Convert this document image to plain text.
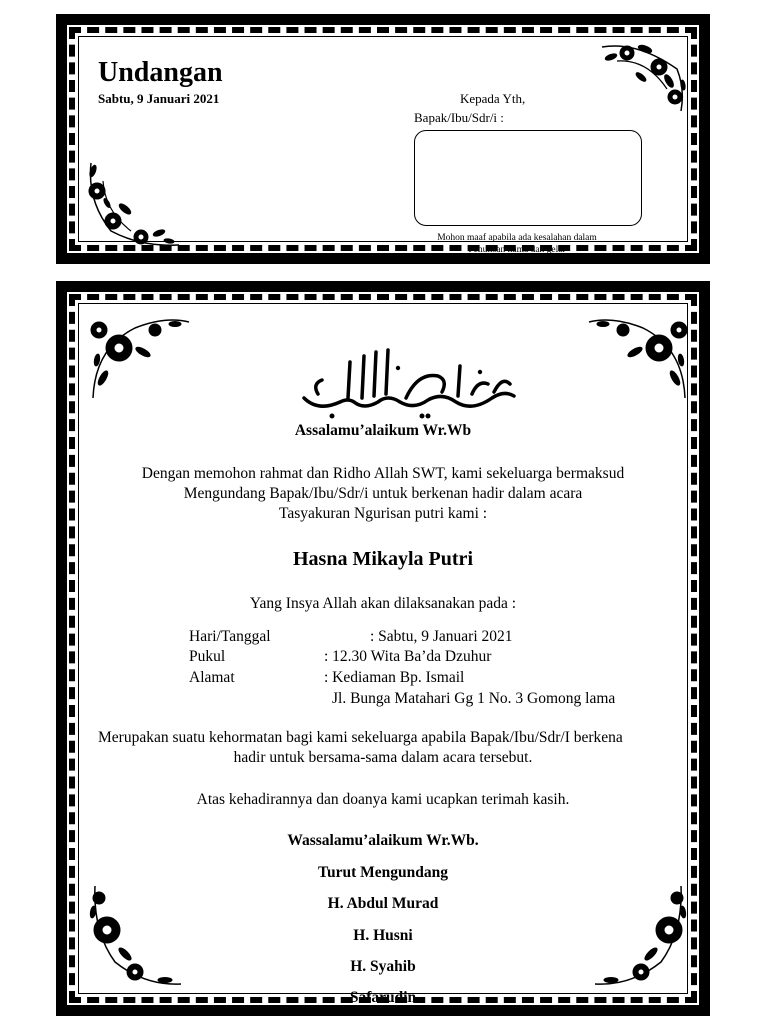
Undangan
Sabtu, 9 Januari 2021	Kepada Yth,
Bapak/Ibu/Sdr/i :
Mohon maaf apabila ada kesalahan dalam
Penulisan nama dan gelar
Assalamu’alaikum Wr.Wb
Dengan memohon rahmat dan Ridho Allah SWT, kami sekeluarga bermaksud
Mengundang Bapak/Ibu/Sdr/i untuk berkenan hadir dalam acara
Tasyakuran Ngurisan putri kami :
Hasna Mikayla Putri
Yang Insya Allah akan dilaksanakan pada :
Hari/Tanggal	: Sabtu, 9 Januari 2021
Pukul	: 12.30 Wita Ba’da Dzuhur
Alamat	: Kediaman Bp. Ismail
Jl. Bunga Matahari Gg 1 No. 3 Gomong lama
Merupakan suatu kehormatan bagi kami sekeluarga apabila Bapak/Ibu/Sdr/I berkena
hadir untuk bersama-sama dalam acara tersebut.
Atas kehadirannya dan doanya kami ucapkan terimah kasih.
Wassalamu’alaikum Wr.Wb.
Turut Mengundang
H. Abdul Murad
H. Husni
H. Syahib
Safarudin
